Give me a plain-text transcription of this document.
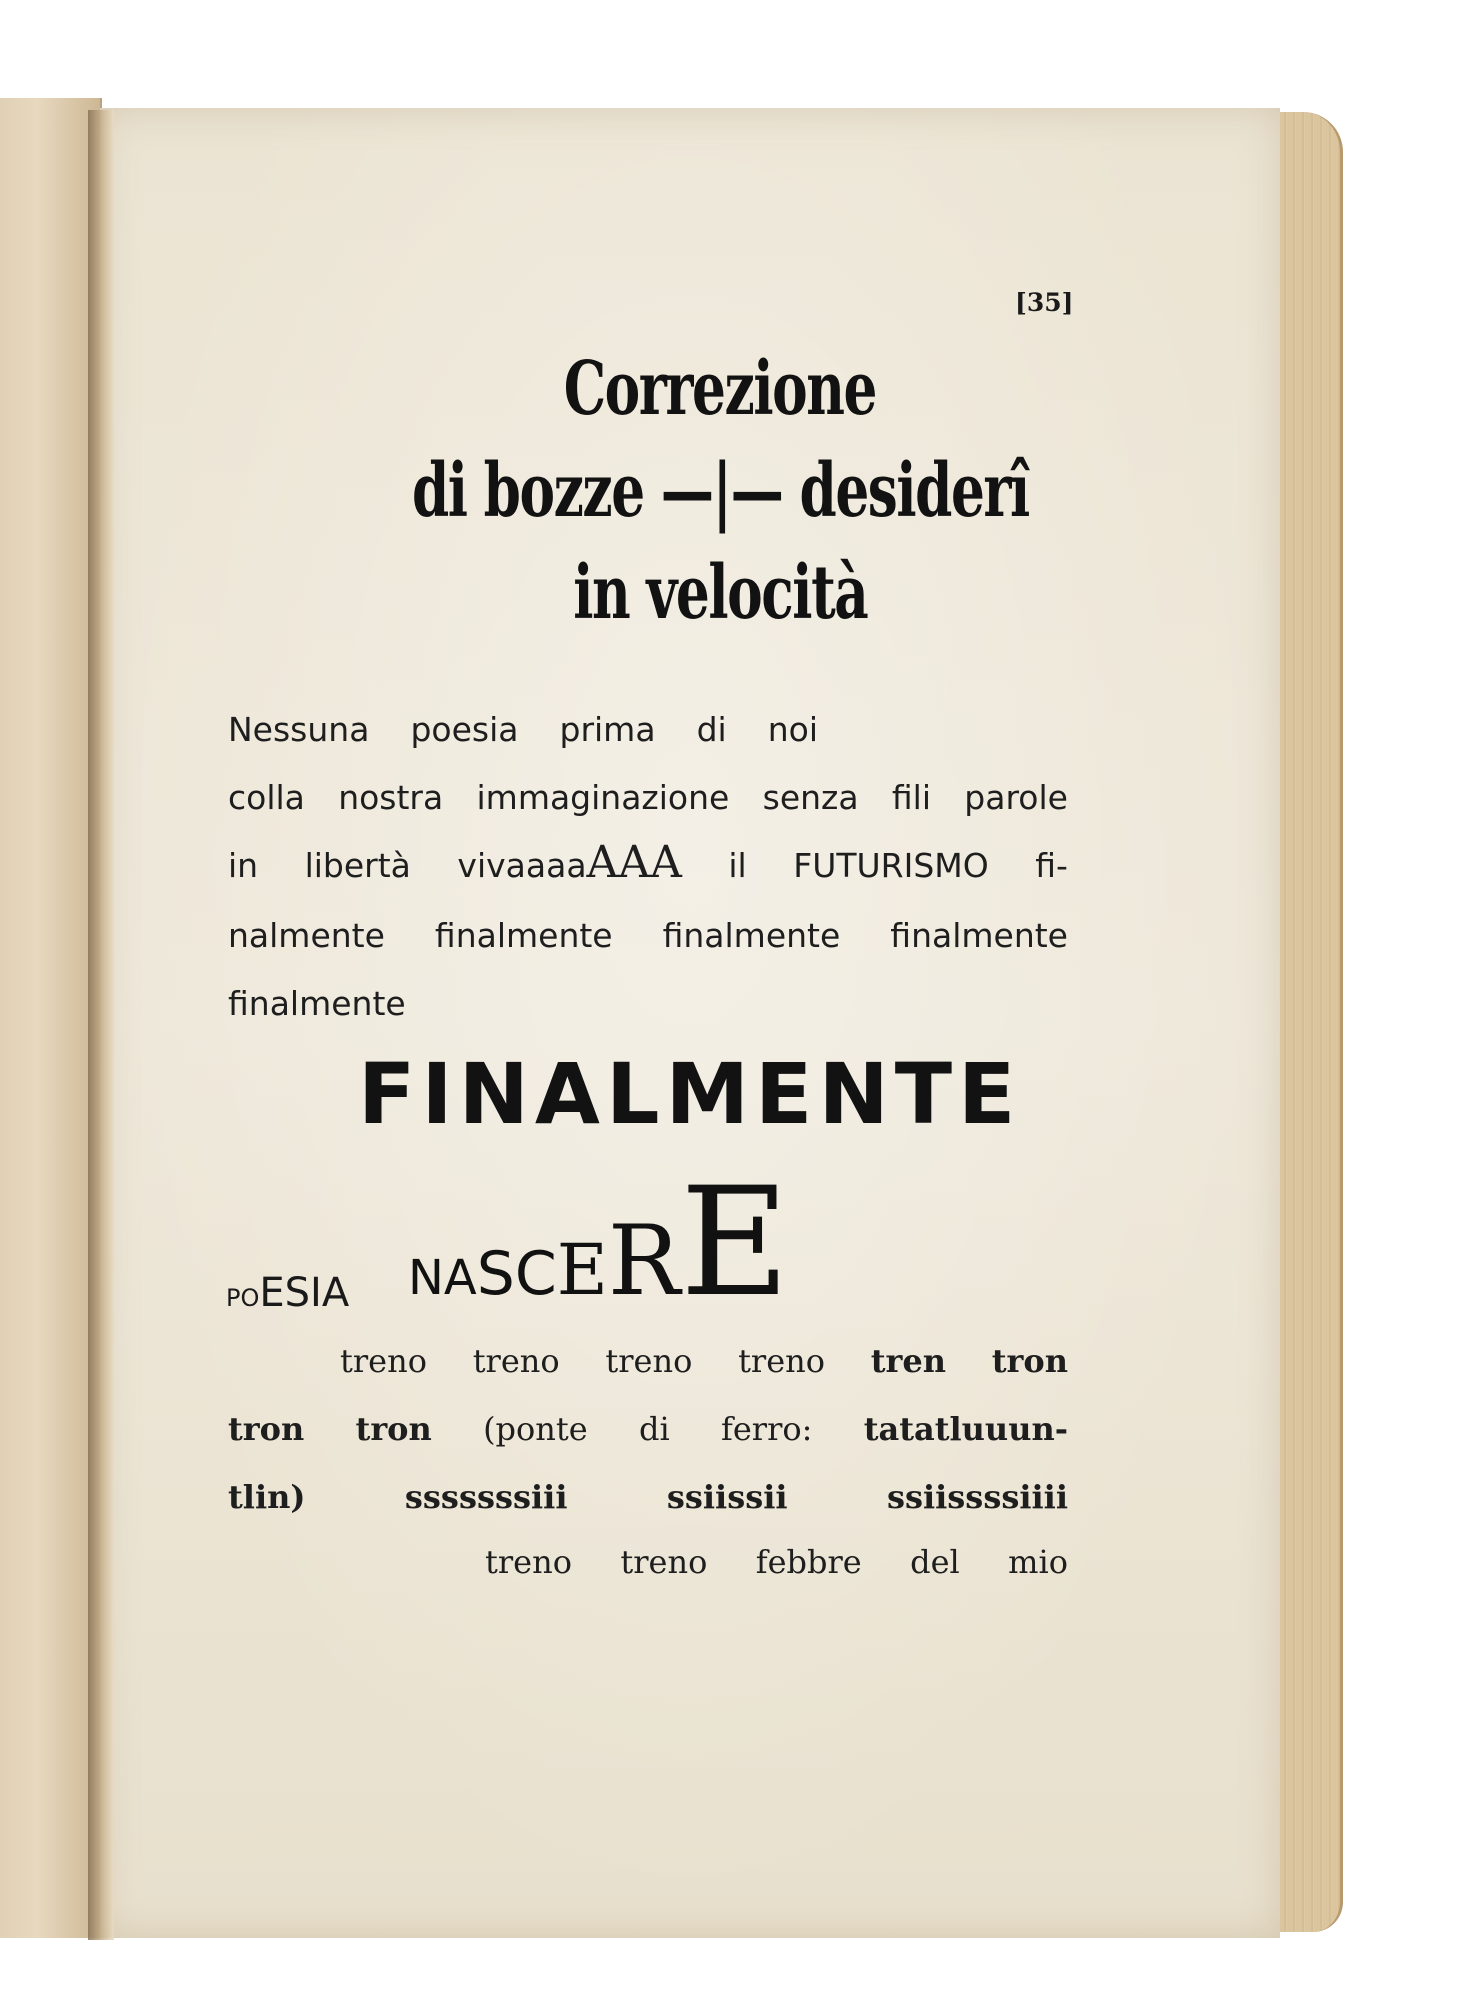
[35]
Correzione
di bozze —|— desiderî
in velocità
Nessuna poesia prima di noi
colla nostra immaginazione senza fili parole
in libertà vivaaaaAAA il FUTURISMO fi-
nalmente finalmente finalmente finalmente
finalmente
FINALMENTE
POESIA NASCERE
treno treno treno treno tren tron
tron tron (ponte di ferro: tatatluuun-
tlin)	sssssssiii	ssiissii	ssiissssiiii
treno treno febbre del mio
